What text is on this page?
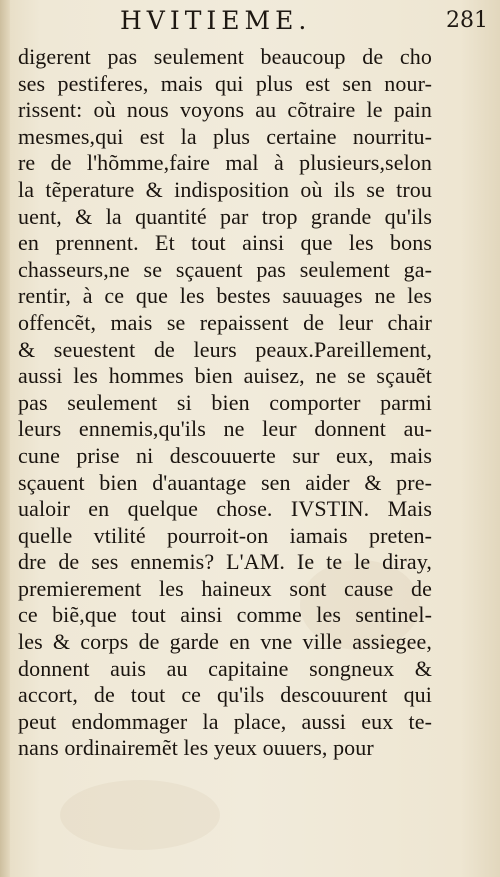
HVITIEME.	281
digerent pas seulement beaucoup de cho
ses pestiferes, mais qui plus est sen nour-
rissent: où nous voyons au cõtraire le pain
mesmes,qui est la plus certaine nourritu-
re de l'hõmme,faire mal à plusieurs,selon
la tẽperature & indisposition où ils se trou
uent, & la quantité par trop grande qu'ils
en prennent. Et tout ainsi que les bons
chasseurs,ne se sçauent pas seulement ga-
rentir, à ce que les bestes sauuages ne les
offencẽt, mais se repaissent de leur chair
& seuestent de leurs peaux.Pareillement,
aussi les hommes bien auisez, ne se sçauẽt
pas seulement si bien comporter parmi
leurs ennemis,qu'ils ne leur donnent au-
cune prise ni descouuerte sur eux, mais
sçauent bien d'auantage sen aider & pre-
ualoir en quelque chose. IVSTIN. Mais
quelle vtilité pourroit-on iamais preten-
dre de ses ennemis? L'AM. Ie te le diray,
premierement les haineux sont cause de
ce biẽ,que tout ainsi comme les sentinel-
les & corps de garde en vne ville assiegee,
donnent auis au capitaine songneux &
accort, de tout ce qu'ils descouurent qui
peut endommager la place, aussi eux te-
nans ordinairemẽt les yeux ouuers, pour
